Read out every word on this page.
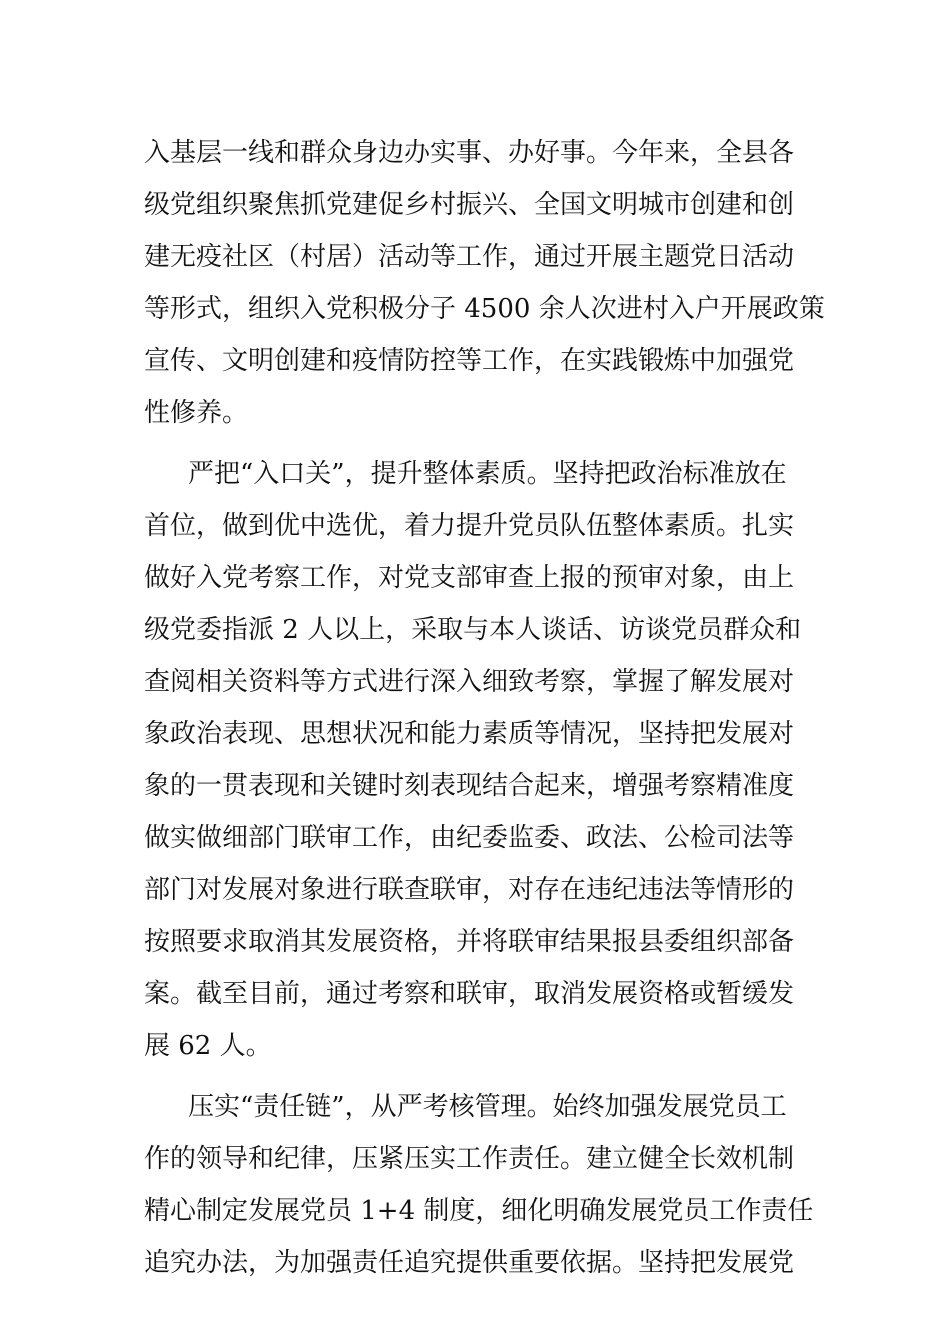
入基层一线和群众身边办实事、办好事。今年来，全县各
级党组织聚焦抓党建促乡村振兴、全国文明城市创建和创
建无疫社区（村居）活动等工作，通过开展主题党日活动
等形式，组织入党积极分子 4500 余人次进村入户开展政策
宣传、文明创建和疫情防控等工作，在实践锻炼中加强党
性修养。
严把“入口关”，提升整体素质。坚持把政治标准放在
首位，做到优中选优，着力提升党员队伍整体素质。扎实
做好入党考察工作，对党支部审查上报的预审对象，由上
级党委指派 2 人以上，采取与本人谈话、访谈党员群众和
查阅相关资料等方式进行深入细致考察，掌握了解发展对
象政治表现、思想状况和能力素质等情况，坚持把发展对
象的一贯表现和关键时刻表现结合起来，增强考察精准度
做实做细部门联审工作，由纪委监委、政法、公检司法等
部门对发展对象进行联查联审，对存在违纪违法等情形的
按照要求取消其发展资格，并将联审结果报县委组织部备
案。截至目前，通过考察和联审，取消发展资格或暂缓发
展 62 人。
压实“责任链”，从严考核管理。始终加强发展党员工
作的领导和纪律，压紧压实工作责任。建立健全长效机制
精心制定发展党员 1+4 制度，细化明确发展党员工作责任
追究办法，为加强责任追究提供重要依据。坚持把发展党
